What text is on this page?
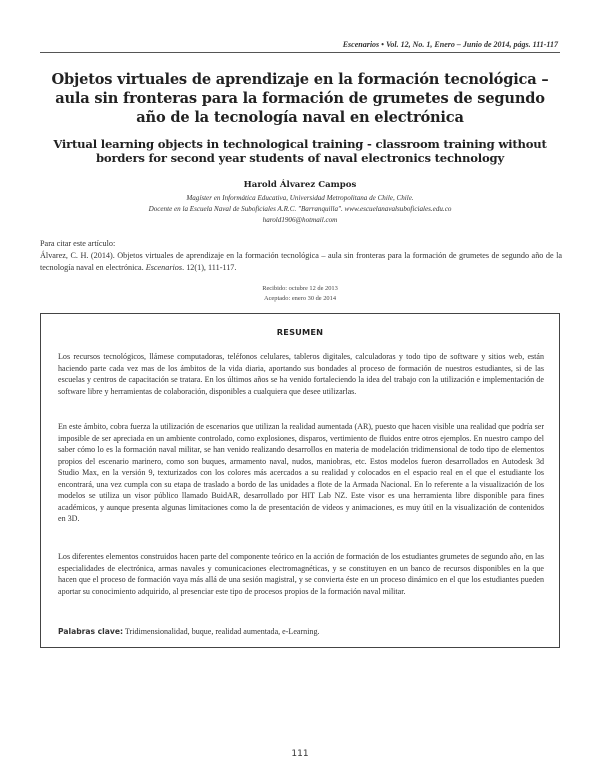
Escenarios • Vol. 12, No. 1, Enero – Junio de 2014, págs. 111-117
Objetos virtuales de aprendizaje en la formación tecnológica – aula sin fronteras para la formación de grumetes de segundo año de la tecnología naval en electrónica
Virtual learning objects in technological training - classroom training without borders for second year students of naval electronics technology
Harold Álvarez Campos
Magíster en Informática Educativa, Universidad Metropolitana de Chile, Chile.
Docente en la Escuela Naval de Suboficiales A.R.C. "Barranquilla". www.escuelanavalsuboficiales.edu.co
harold1906@hotmail.com
Para citar este artículo:
Álvarez, C. H. (2014). Objetos virtuales de aprendizaje en la formación tecnológica – aula sin fronteras para la formación de grumetes de segundo año de la tecnología naval en electrónica. Escenarios. 12(1), 111-117.
Recibido: octubre 12 de 2013
Aceptado: enero 30 de 2014
RESUMEN

Los recursos tecnológicos, llámese computadoras, teléfonos celulares, tableros digitales, calculadoras y todo tipo de software y sitios web, están haciendo parte cada vez mas de los ámbitos de la vida diaria, aportando sus bondades al proceso de formación de nuestros estudiantes, si de las escuelas y centros de capacitación se tratara. En los últimos años se ha venido fortaleciendo la idea del trabajo con la utilización e implementación de software libre y herramientas de colaboración, disponibles a cualquiera que desee utilizarlas.

En este ámbito, cobra fuerza la utilización de escenarios que utilizan la realidad aumentada (AR), puesto que hacen visible una realidad que podría ser imposible de ser apreciada en un ambiente controlado, como explosiones, disparos, vertimiento de fluidos entre otros ejemplos. En nuestro campo del saber cómo lo es la formación naval militar, se han venido realizando desarrollos en materia de modelación tridimensional de todo tipo de elementos propios del escenario marinero, como son buques, armamento naval, nudos, maniobras, etc. Estos modelos fueron desarrollados en Autodesk 3d Studio Max, en la versión 9, texturizados con los colores más acercados a su realidad y colocados en el espacio real en el que el estudiante los encontrará, una vez cumpla con su etapa de traslado a bordo de las unidades a flote de la Armada Nacional. En lo referente a la visualización de los modelos se utiliza un visor público llamado BuidAR, desarrollado por HIT Lab NZ. Este visor es una herramienta libre disponible para fines académicos, y aunque presenta algunas limitaciones como la de presentación de videos y animaciones, es muy útil en la visualización de contenidos en 3D.

Los diferentes elementos construidos hacen parte del componente teórico en la acción de formación de los estudiantes grumetes de segundo año, en las especialidades de electrónica, armas navales y comunicaciones electromagnéticas, y se constituyen en un banco de recursos disponibles en la que hacen que el proceso de formación vaya más allá de una sesión magistral, y se convierta éste en un proceso dinámico en el que los estudiantes pueden aportar su conocimiento adquirido, al presenciar este tipo de procesos propios de la formación naval militar.

Palabras clave: Tridimensionalidad, buque, realidad aumentada, e-Learning.
111
